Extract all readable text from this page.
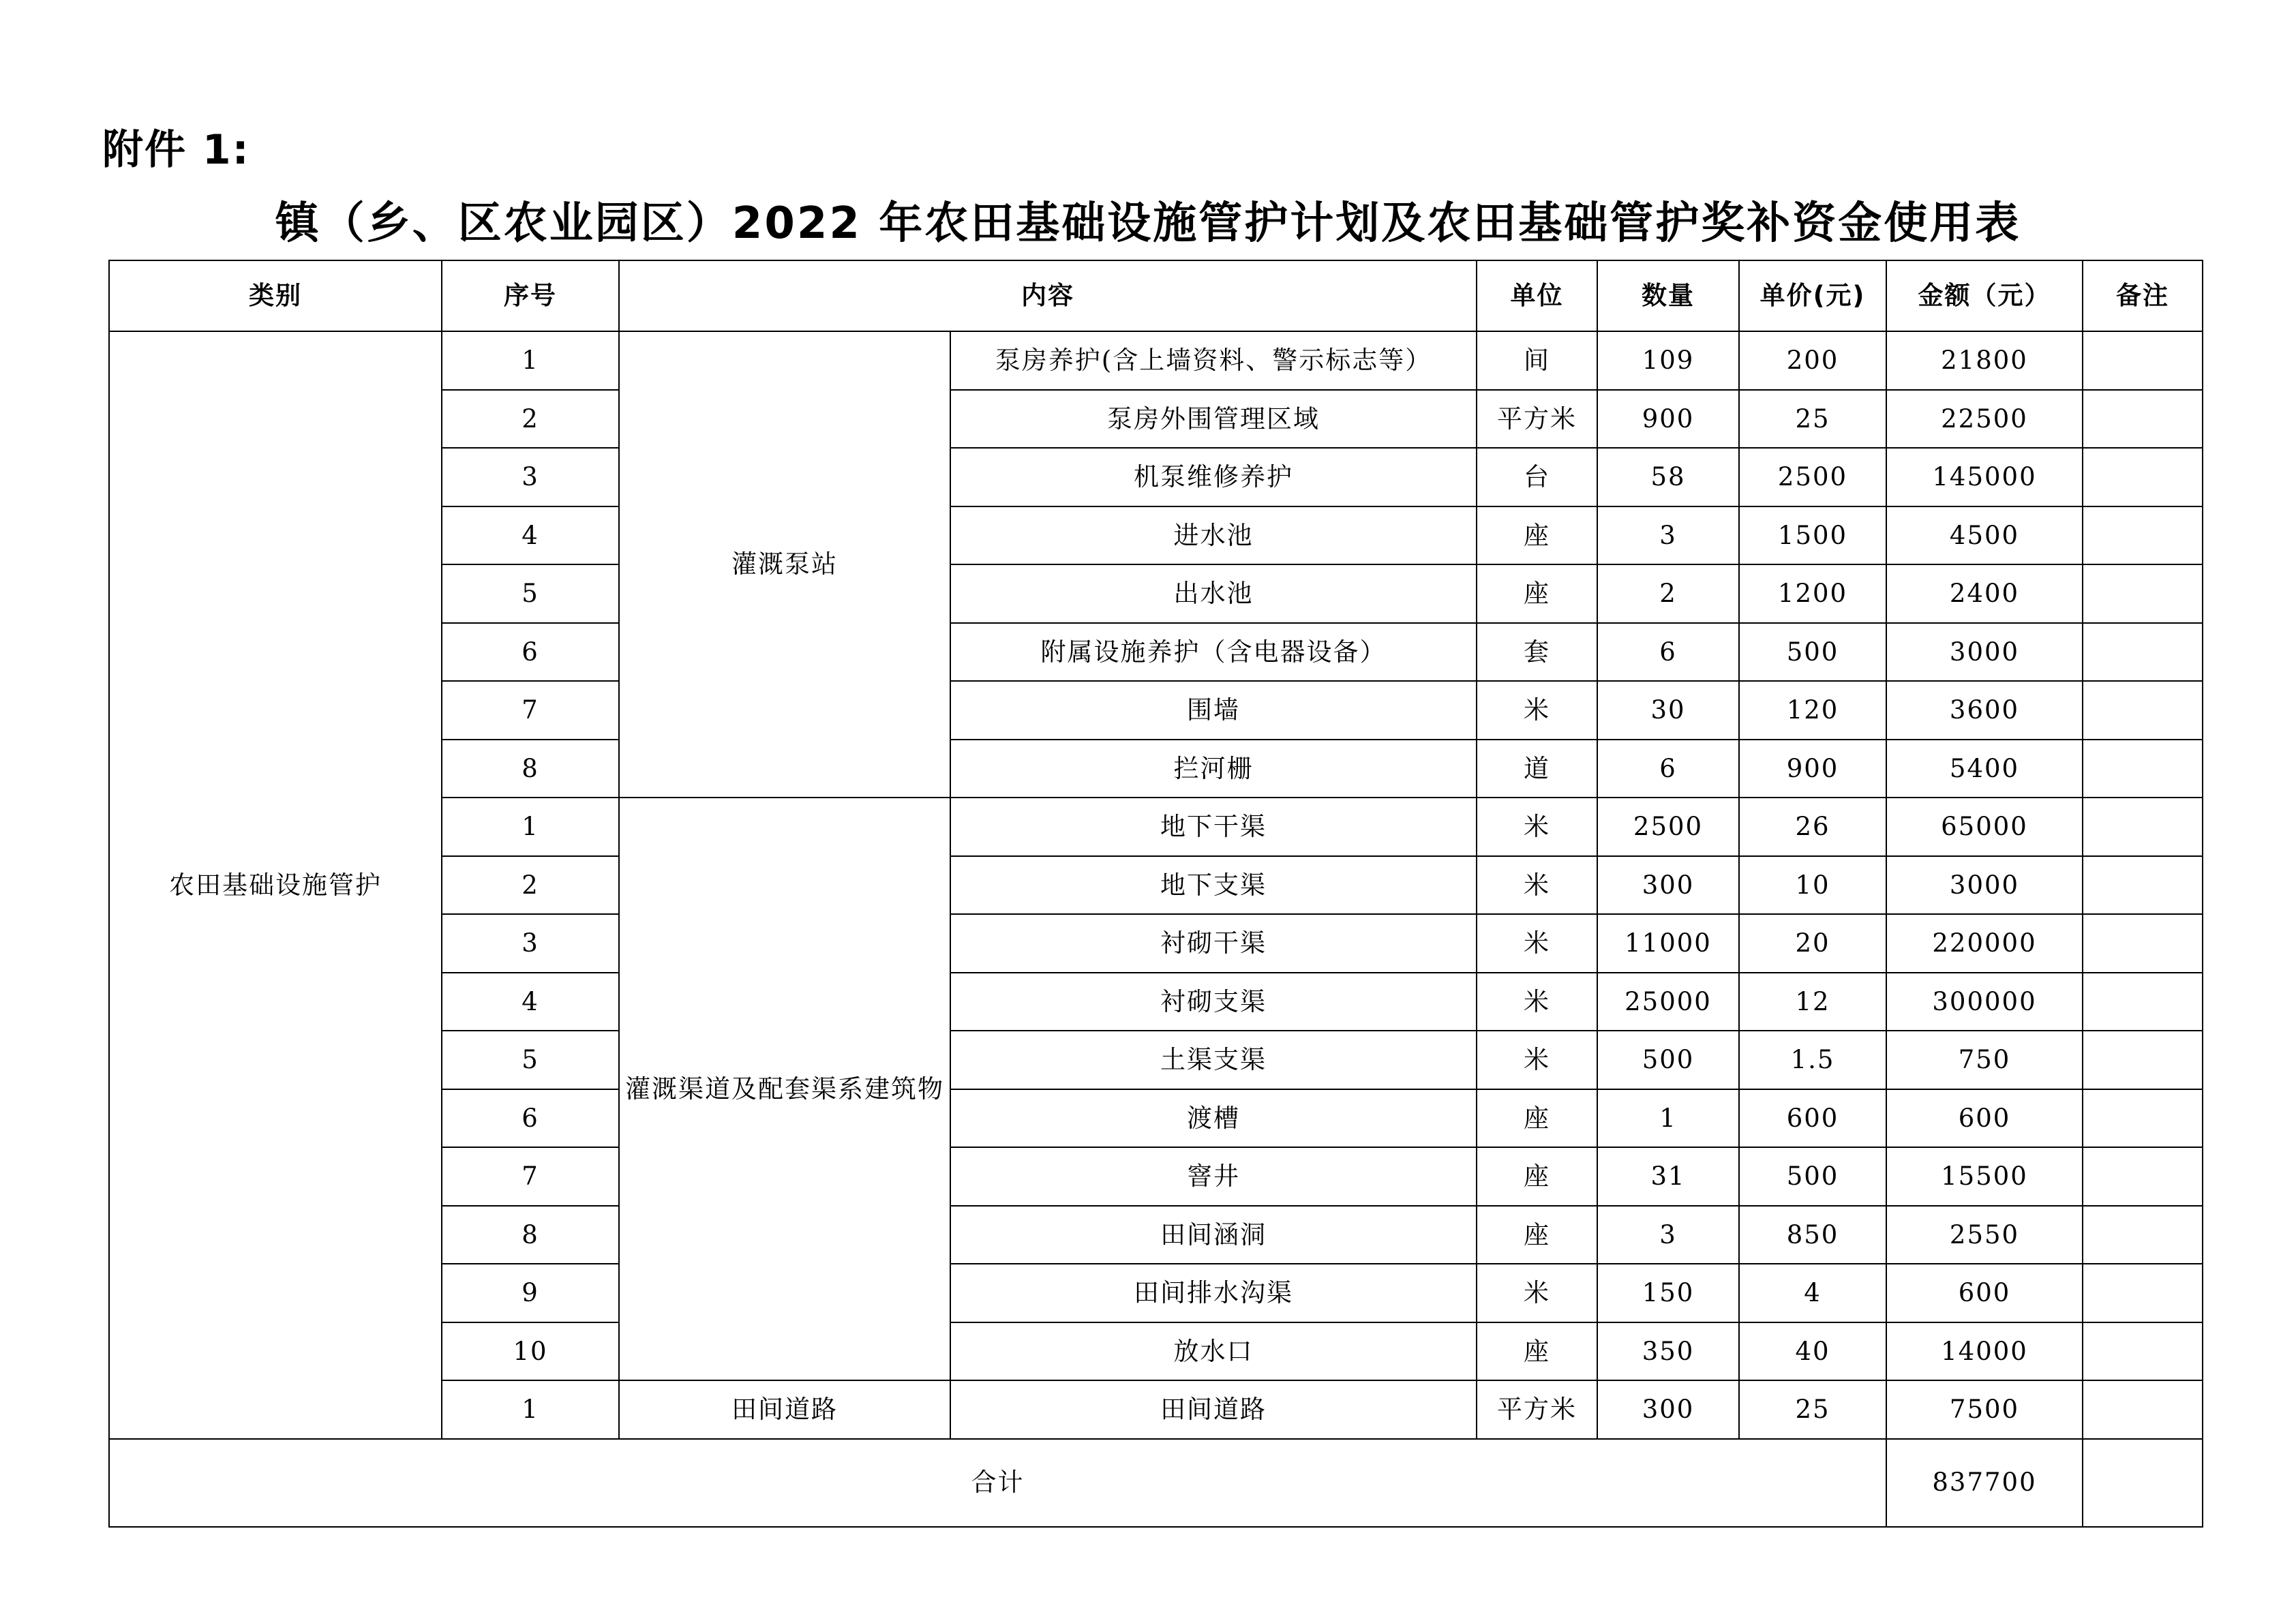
附件 1:
镇（乡、区农业园区）2022 年农田基础设施管护计划及农田基础管护奖补资金使用表
类别	序号	内容		单位	数量	单价(元)	金额（元）	备注
农田基础设施管护	1	灌溉泵站	泵房养护(含上墙资料、警示标志等）	间	109	200	21800	
	2		泵房外围管理区域	平方米	900	25	22500	
	3		机泵维修养护	台	58	2500	145000	
	4		进水池	座	3	1500	4500	
	5		出水池	座	2	1200	2400	
	6		附属设施养护（含电器设备）	套	6	500	3000	
	7		围墙	米	30	120	3600	
	8		拦河栅	道	6	900	5400	
	1	灌溉渠道及配套渠系建筑物	地下干渠	米	2500	26	65000	
	2		地下支渠	米	300	10	3000	
	3		衬砌干渠	米	11000	20	220000	
	4		衬砌支渠	米	25000	12	300000	
	5		土渠支渠	米	500	1.5	750	
	6		渡槽	座	1	600	600	
	7		窨井	座	31	500	15500	
	8		田间涵洞	座	3	850	2550	
	9		田间排水沟渠	米	150	4	600	
	10		放水口	座	350	40	14000	
	1	田间道路	田间道路	平方米	300	25	7500	
合计							837700	
